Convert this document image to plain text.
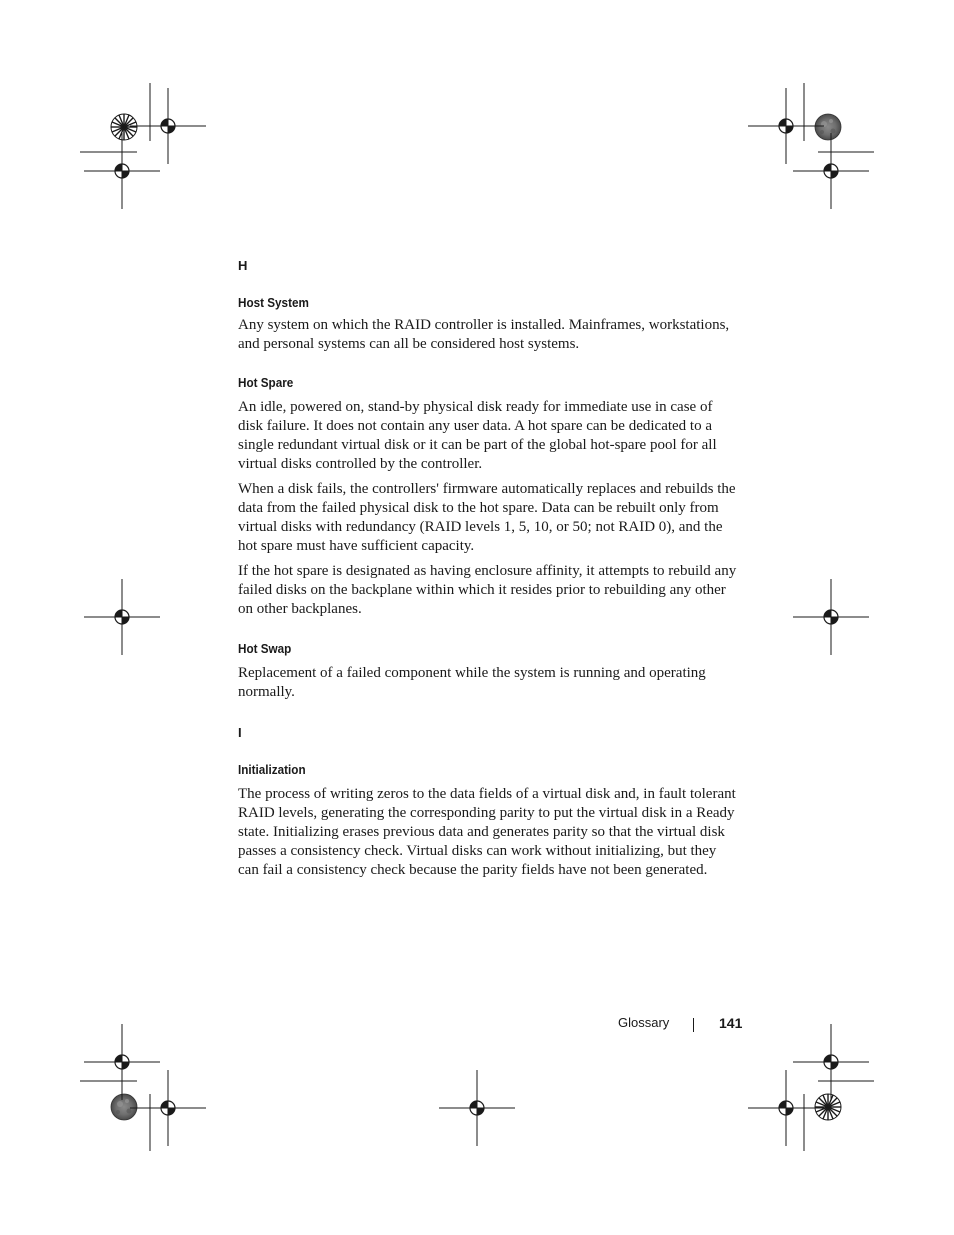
H
Host System

Any system on which the RAID controller is installed. Mainframes, workstations, and personal systems can all be considered host systems.

Hot Spare

An idle, powered on, stand-by physical disk ready for immediate use in case of disk failure. It does not contain any user data. A hot spare can be dedicated to a single redundant virtual disk or it can be part of the global hot-spare pool for all virtual disks controlled by the controller.

When a disk fails, the controllers' firmware automatically replaces and rebuilds the data from the failed physical disk to the hot spare. Data can be rebuilt only from virtual disks with redundancy (RAID levels 1, 5, 10, or 50; not RAID 0), and the hot spare must have sufficient capacity.

If the hot spare is designated as having enclosure affinity, it attempts to rebuild any failed disks on the backplane within which it resides prior to rebuilding any other on other backplanes.

Hot Swap

Replacement of a failed component while the system is running and operating normally.

I
Initialization

The process of writing zeros to the data fields of a virtual disk and, in fault tolerant RAID levels, generating the corresponding parity to put the virtual disk in a Ready state. Initializing erases previous data and generates parity so that the virtual disk passes a consistency check. Virtual disks can work without initializing, but they can fail a consistency check because the parity fields have not been generated.

Glossary	141
